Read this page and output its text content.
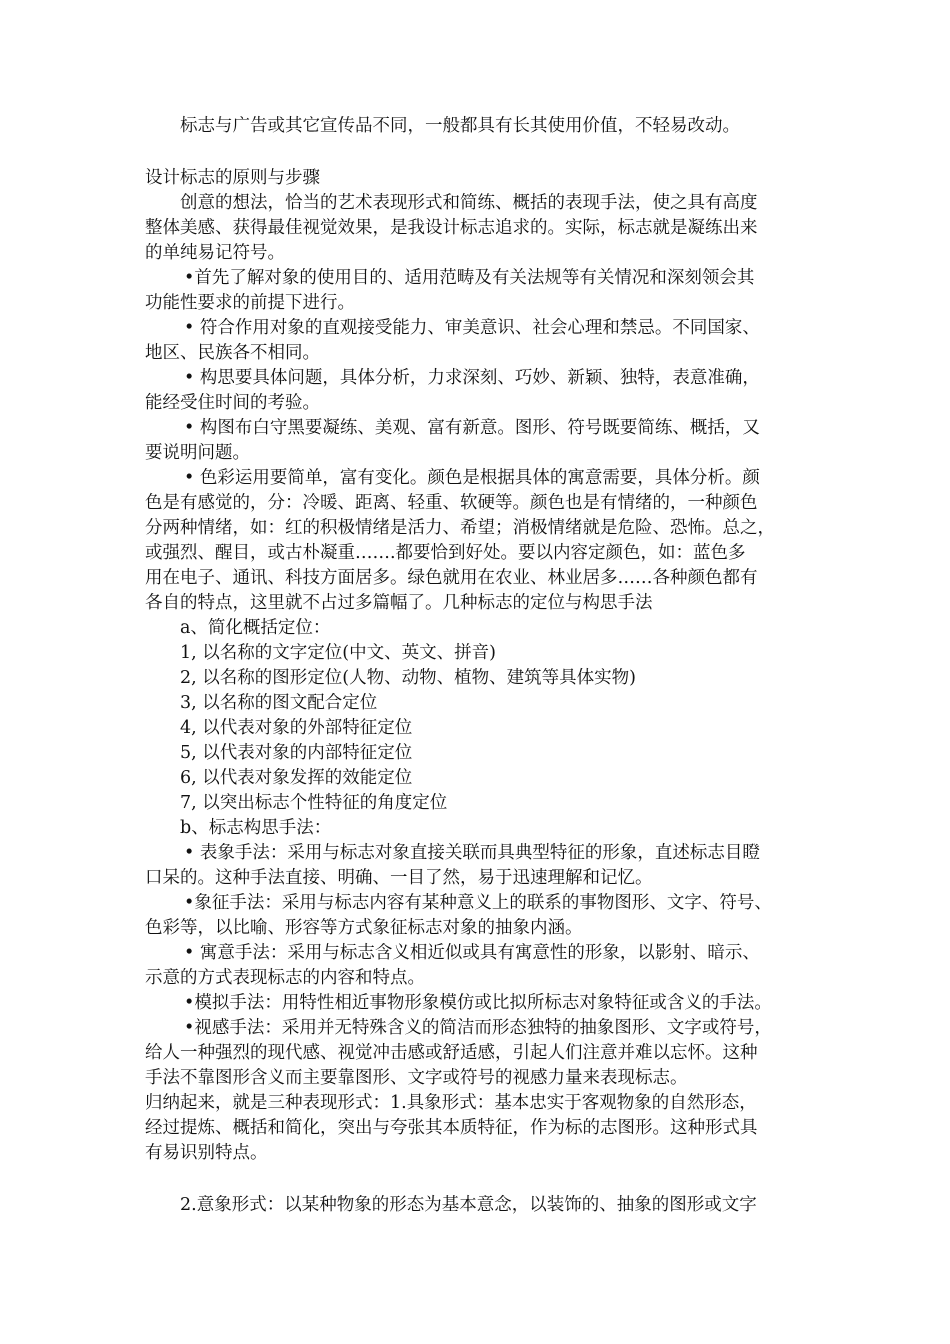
标志与广告或其它宣传品不同，一般都具有长其使用价值，不轻易改动。
设计标志的原则与步骤
创意的想法，恰当的艺术表现形式和简练、概括的表现手法，使之具有高度
整体美感、获得最佳视觉效果，是我设计标志追求的。实际，标志就是凝练出来
的单纯易记符号。
•首先了解对象的使用目的、适用范畴及有关法规等有关情况和深刻领会其
功能性要求的前提下进行。
• 符合作用对象的直观接受能力、审美意识、社会心理和禁忌。不同国家、
地区、民族各不相同。
• 构思要具体问题，具体分析，力求深刻、巧妙、新颖、独特，表意准确，
能经受住时间的考验。
• 构图布白守黑要凝练、美观、富有新意。图形、符号既要简练、概括，又
要说明问题。
• 色彩运用要简单，富有变化。颜色是根据具体的寓意需要，具体分析。颜
色是有感觉的，分：冷暖、距离、轻重、软硬等。颜色也是有情绪的，一种颜色
分两种情绪，如：红的积极情绪是活力、希望；消极情绪就是危险、恐怖。总之，
或强烈、醒目，或古朴凝重…….都要恰到好处。要以内容定颜色，如：蓝色多
用在电子、通讯、科技方面居多。绿色就用在农业、林业居多……各种颜色都有
各自的特点，这里就不占过多篇幅了。几种标志的定位与构思手法
a、简化概括定位：
1, 以名称的文字定位(中文、英文、拼音)
2, 以名称的图形定位(人物、动物、植物、建筑等具体实物)
3, 以名称的图文配合定位
4, 以代表对象的外部特征定位
5, 以代表对象的内部特征定位
6, 以代表对象发挥的效能定位
7, 以突出标志个性特征的角度定位
b、标志构思手法：
• 表象手法：采用与标志对象直接关联而具典型特征的形象，直述标志目瞪
口呆的。这种手法直接、明确、一目了然，易于迅速理解和记忆。
•象征手法：采用与标志内容有某种意义上的联系的事物图形、文字、符号、
色彩等，以比喻、形容等方式象征标志对象的抽象内涵。
• 寓意手法：采用与标志含义相近似或具有寓意性的形象，以影射、暗示、
示意的方式表现标志的内容和特点。
•模拟手法：用特性相近事物形象模仿或比拟所标志对象特征或含义的手法。
•视感手法：采用并无特殊含义的简洁而形态独特的抽象图形、文字或符号，
给人一种强烈的现代感、视觉冲击感或舒适感，引起人们注意并难以忘怀。这种
手法不靠图形含义而主要靠图形、文字或符号的视感力量来表现标志。
归纳起来，就是三种表现形式：1.具象形式：基本忠实于客观物象的自然形态，
经过提炼、概括和简化，突出与夸张其本质特征，作为标的志图形。这种形式具
有易识别特点。
2.意象形式：以某种物象的形态为基本意念，以装饰的、抽象的图形或文字
